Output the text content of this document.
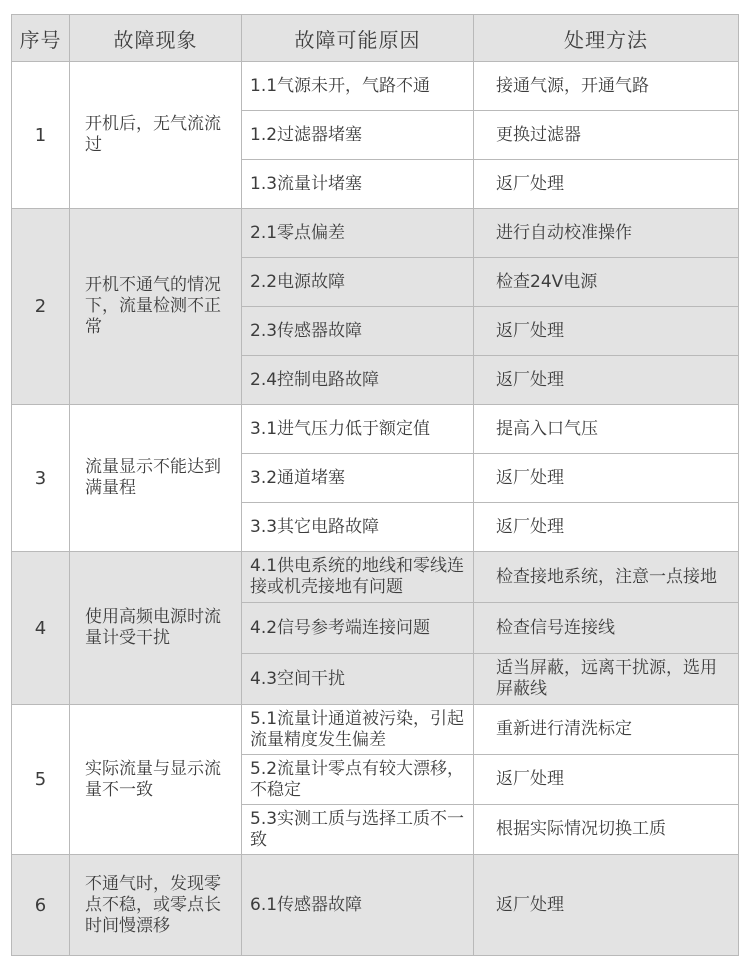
序号	故障现象	故障可能原因	处理方法
1	开机后，无气流流过	1.1气源未开，气路不通	接通气源，开通气路
		1.2过滤器堵塞	更换过滤器
		1.3流量计堵塞	返厂处理
2	开机不通气的情况下，流量检测不正常	2.1零点偏差	进行自动校准操作
		2.2电源故障	检查24V电源
		2.3传感器故障	返厂处理
		2.4控制电路故障	返厂处理
3	流量显示不能达到满量程	3.1进气压力低于额定值	提高入口气压
		3.2通道堵塞	返厂处理
		3.3其它电路故障	返厂处理
4	使用高频电源时流量计受干扰	4.1供电系统的地线和零线连接或机壳接地有问题	检查接地系统，注意一点接地
		4.2信号参考端连接问题	检查信号连接线
		4.3空间干扰	适当屏蔽，远离干扰源，选用屏蔽线
5	实际流量与显示流量不一致	5.1流量计通道被污染，引起流量精度发生偏差	重新进行清洗标定
		5.2流量计零点有较大漂移，不稳定	返厂处理
		5.3实测工质与选择工质不一致	根据实际情况切换工质
6	不通气时，发现零点不稳，或零点长时间慢漂移	6.1传感器故障	返厂处理
